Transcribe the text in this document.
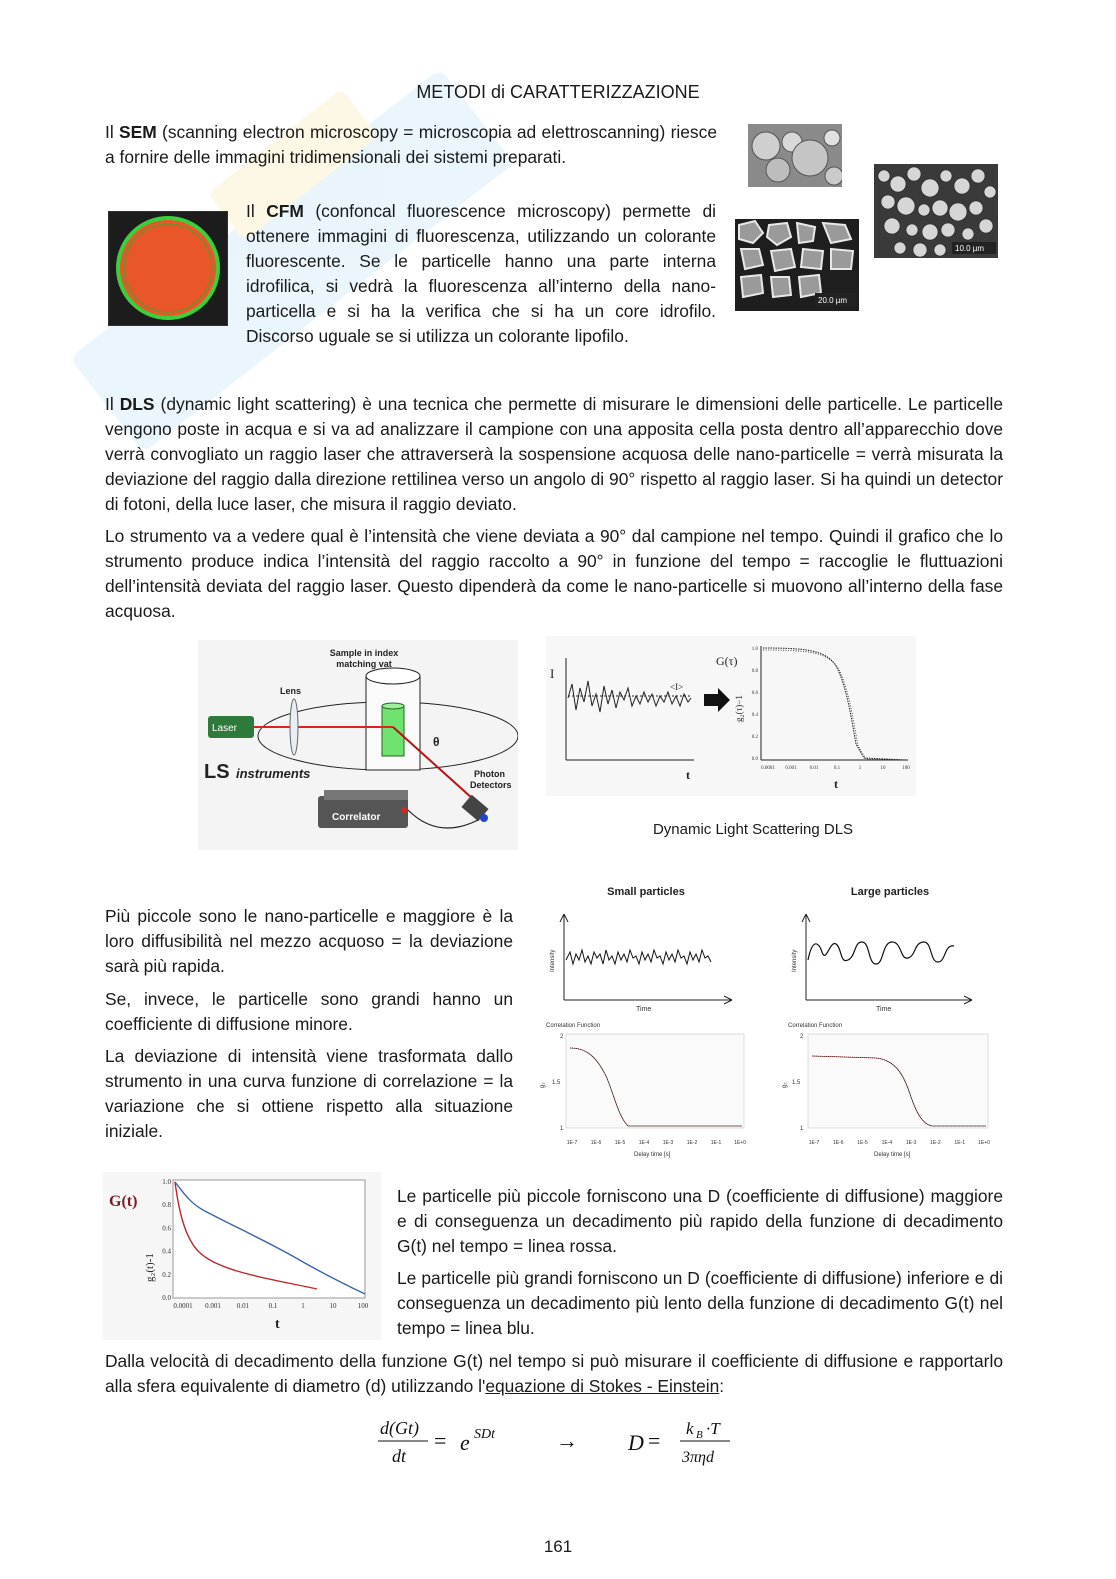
METODI di CARATTERIZZAZIONE

Il SEM (scanning electron microscopy = microscopia ad elettroscanning) riesce a fornire delle immagini tridimensionali dei sistemi preparati.

10.0 µm
20.0 µm

Il CFM (confoncal fluorescence microscopy) permette di ottenere immagini di fluorescenza, utilizzando un colorante fluorescente. Se le particelle hanno una parte interna idrofilica, si vedrà la fluorescenza all’interno della nano-particella e si ha la verifica che si ha un core idrofilo. Discorso uguale se si utilizza un colorante lipofilo.

Il DLS (dynamic light scattering) è una tecnica che permette di misurare le dimensioni delle particelle. Le particelle vengono poste in acqua e si va ad analizzare il campione con una apposita cella posta dentro all’apparecchio dove verrà convogliato un raggio laser che attraverserà la sospensione acquosa delle nano-particelle = verrà misurata la deviazione del raggio dalla direzione rettilinea verso un angolo di 90° rispetto al raggio laser. Si ha quindi un detector di fotoni, della luce laser, che misura il raggio deviato.

Lo strumento va a vedere qual è l’intensità che viene deviata a 90° dal campione nel tempo. Quindi il grafico che lo strumento produce indica l’intensità del raggio raccolto a 90° in funzione del tempo = raccoglie le fluttuazioni dell’intensità deviata del raggio laser. Questo dipenderà da come le nano-particelle si muovono all’interno della fase acquosa.

Sample in index
matching vat
Lens
Laser
θ
Photon
Detectors
Correlator
LS instruments
I
<I>
t
G(τ)
g₂(τ)−1
1.0
0.8
0.6
0.4
0.2
0.0
0.0001 0.001	0.01	0.1	1	10	100
t
Dynamic Light Scattering DLS

Più piccole sono le nano-particelle e maggiore è la loro diffusibilità nel mezzo acquoso = la deviazione sarà più rapida.

Se, invece, le particelle sono grandi hanno un coefficiente di diffusione minore.

La deviazione di intensità viene trasformata dallo strumento in una curva funzione di correlazione = la variazione che si ottiene rispetto alla situazione iniziale.

Small particles	Large particles
Intensity
Time
Intensity
Time
Correlation Function	Correlation Function
2
1.5
1
g₂
Delay time [s]
2
1.5
1
g₂
Delay time [s]
1E-7	1E-7
1E-6	1E-6
1E-5	1E-5
1E-4	1E-4
1E-3	1E-3
1E-2	1E-2
1E-1	1E-1
1E+0	1E+0
G(t)
g₂(t)-1
1.0
0.8
0.6
0.4
0.2
0.0
0.0001 0.001 0.01	0.1	1	10	100
t

Le particelle più piccole forniscono una D (coefficiente di diffusione) maggiore e di conseguenza un decadimento più rapido della funzione di decadimento G(t) nel tempo = linea rossa.

Le particelle più grandi forniscono un D (coefficiente di diffusione) inferiore e di conseguenza un decadimento più lento della funzione di decadimento G(t) nel tempo = linea blu.

Dalla velocità di decadimento della funzione G(t) nel tempo si può misurare il coefficiente di diffusione e rapportarlo alla sfera equivalente di diametro (d) utilizzando l'equazione di Stokes - Einstein:

d(Gt)
dt
= e SDt	→ D = k B ·T
3πηd
161
